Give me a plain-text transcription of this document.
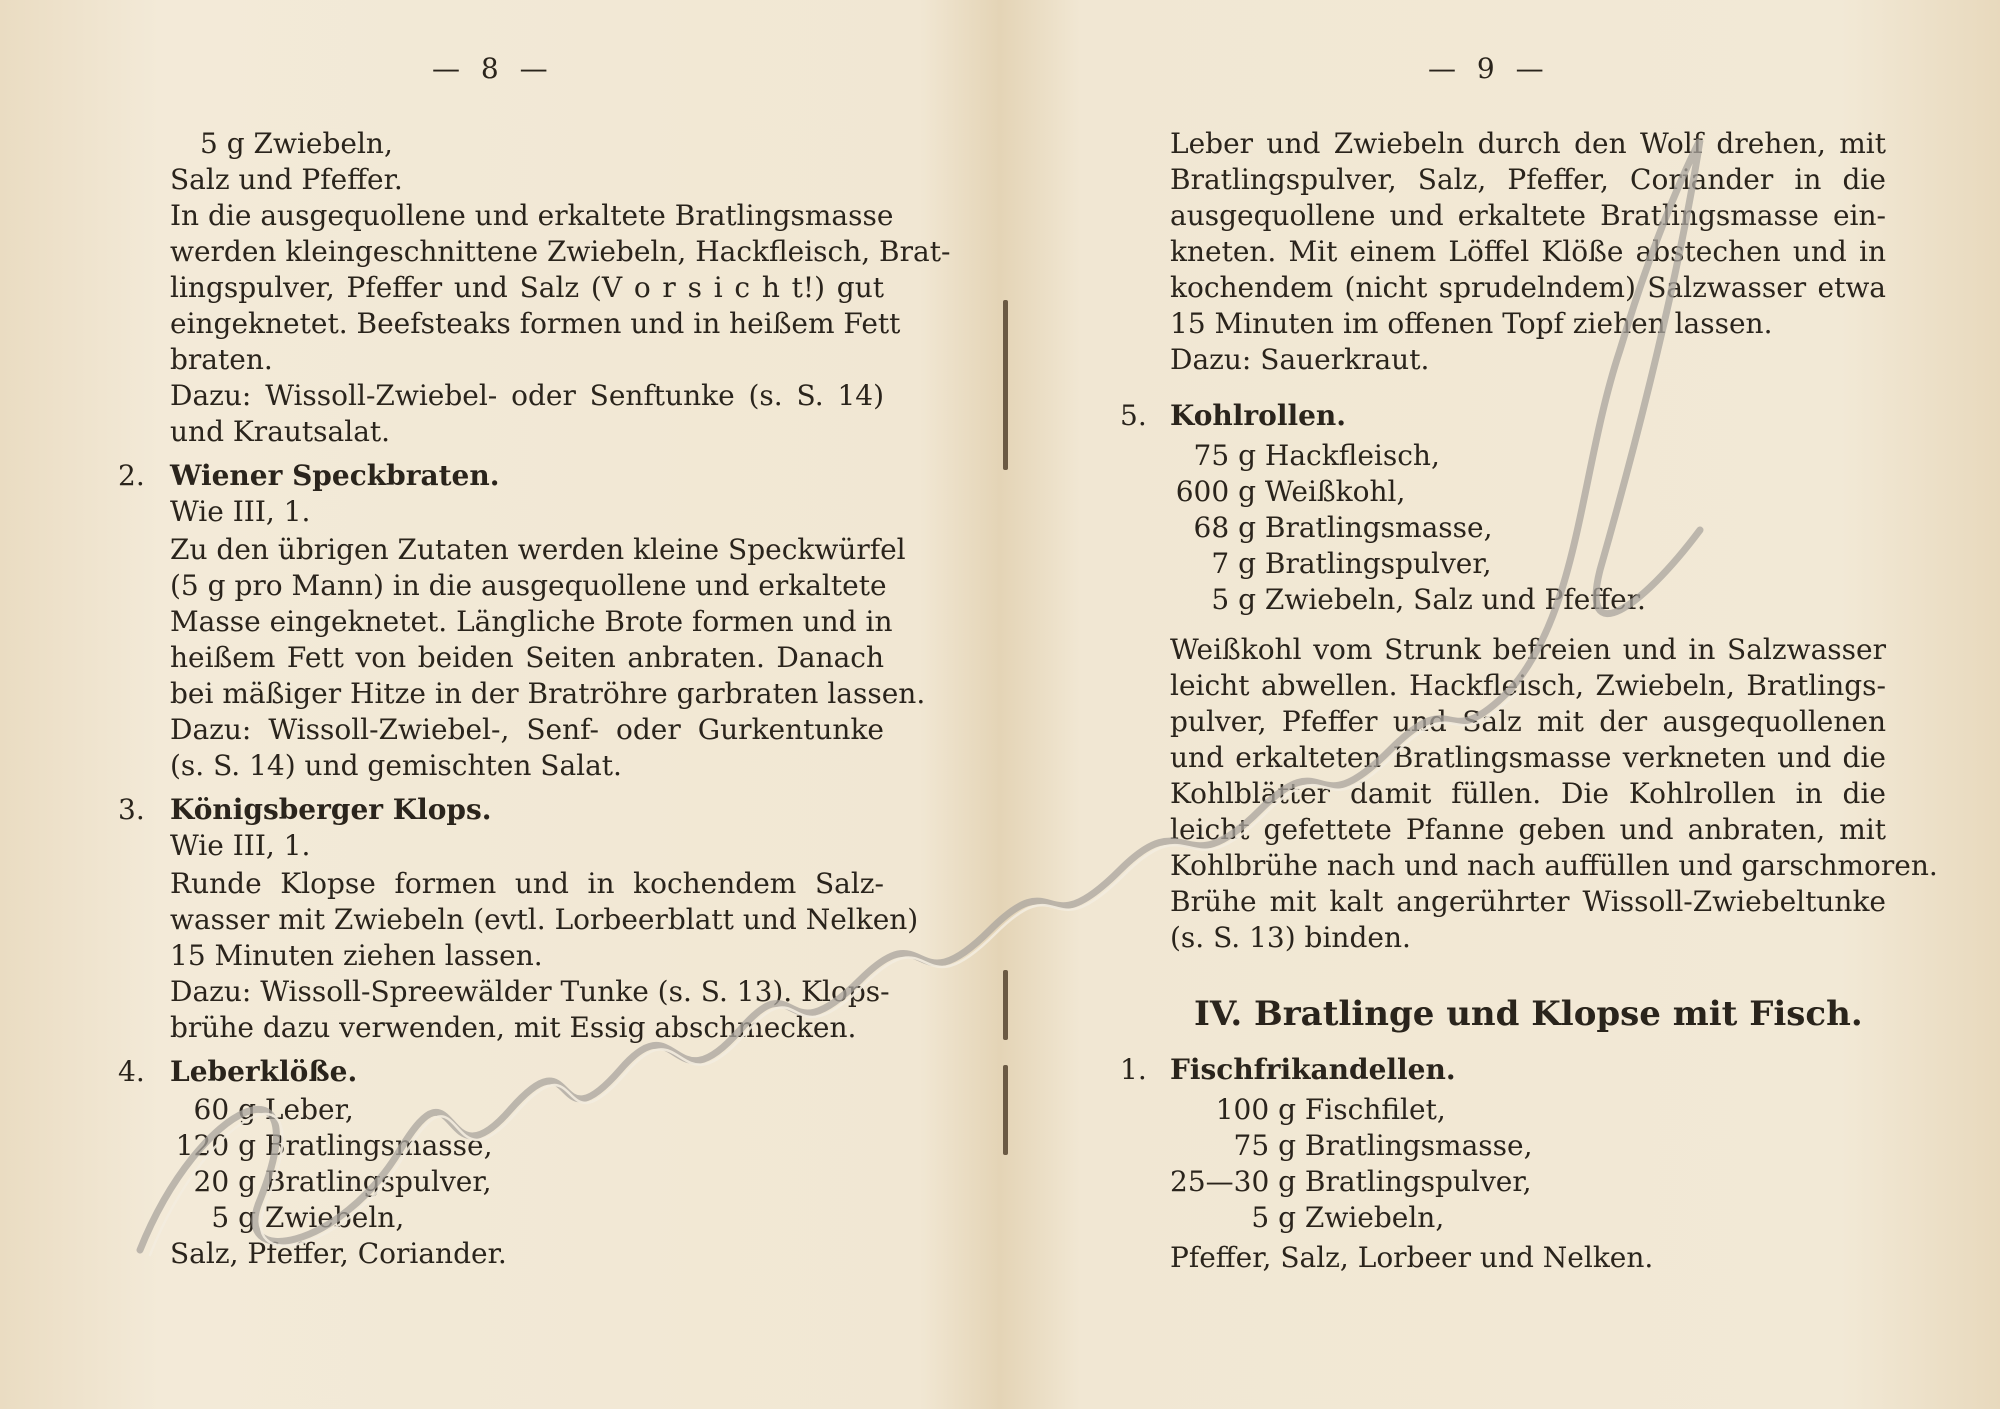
— 8 —
5 g Zwiebeln,
Salz und Pfeffer.
In die ausgequollene und erkaltete Bratlingsmasse
werden kleingeschnittene Zwiebeln, Hackfleisch, Brat-
lingspulver, Pfeffer und Salz (V o r s i c h t!) gut
eingeknetet. Beefsteaks formen und in heißem Fett
braten.
Dazu: Wissoll-Zwiebel- oder Senftunke (s. S. 14)
und Krautsalat.
2. Wiener Speckbraten.
Wie III, 1.
Zu den übrigen Zutaten werden kleine Speckwürfel
(5 g pro Mann) in die ausgequollene und erkaltete
Masse eingeknetet. Längliche Brote formen und in
heißem Fett von beiden Seiten anbraten. Danach
bei mäßiger Hitze in der Bratröhre garbraten lassen.
Dazu: Wissoll-Zwiebel-, Senf- oder Gurkentunke
(s. S. 14) und gemischten Salat.
3. Königsberger Klops.
Wie III, 1.
Runde Klopse formen und in kochendem Salz-
wasser mit Zwiebeln (evtl. Lorbeerblatt und Nelken)
15 Minuten ziehen lassen.
Dazu: Wissoll-Spreewälder Tunke (s. S. 13). Klops-
brühe dazu verwenden, mit Essig abschmecken.
4. Leberklöße.
60 g Leber,
120 g Bratlingsmasse,
20 g Bratlingspulver,
5 g Zwiebeln,
Salz, Pfeffer, Coriander.
— 9 —
Leber und Zwiebeln durch den Wolf drehen, mit
Bratlingspulver, Salz, Pfeffer, Coriander in die
ausgequollene und erkaltete Bratlingsmasse ein-
kneten. Mit einem Löffel Klöße abstechen und in
kochendem (nicht sprudelndem) Salzwasser etwa
15 Minuten im offenen Topf ziehen lassen.
Dazu: Sauerkraut.
5. Kohlrollen.
75 g Hackfleisch,
600 g Weißkohl,
68 g Bratlingsmasse,
7 g Bratlingspulver,
5 g Zwiebeln, Salz und Pfeffer.
Weißkohl vom Strunk befreien und in Salzwasser
leicht abwellen. Hackfleisch, Zwiebeln, Bratlings-
pulver, Pfeffer und Salz mit der ausgequollenen
und erkalteten Bratlingsmasse verkneten und die
Kohlblätter damit füllen. Die Kohlrollen in die
leicht gefettete Pfanne geben und anbraten, mit
Kohlbrühe nach und nach auffüllen und garschmoren.
Brühe mit kalt angerührter Wissoll-Zwiebeltunke
(s. S. 13) binden.
IV. Bratlinge und Klopse mit Fisch.
1. Fischfrikandellen.
100 g Fischfilet,
75 g Bratlingsmasse,
25—30 g Bratlingspulver,
5 g Zwiebeln,
Pfeffer, Salz, Lorbeer und Nelken.
